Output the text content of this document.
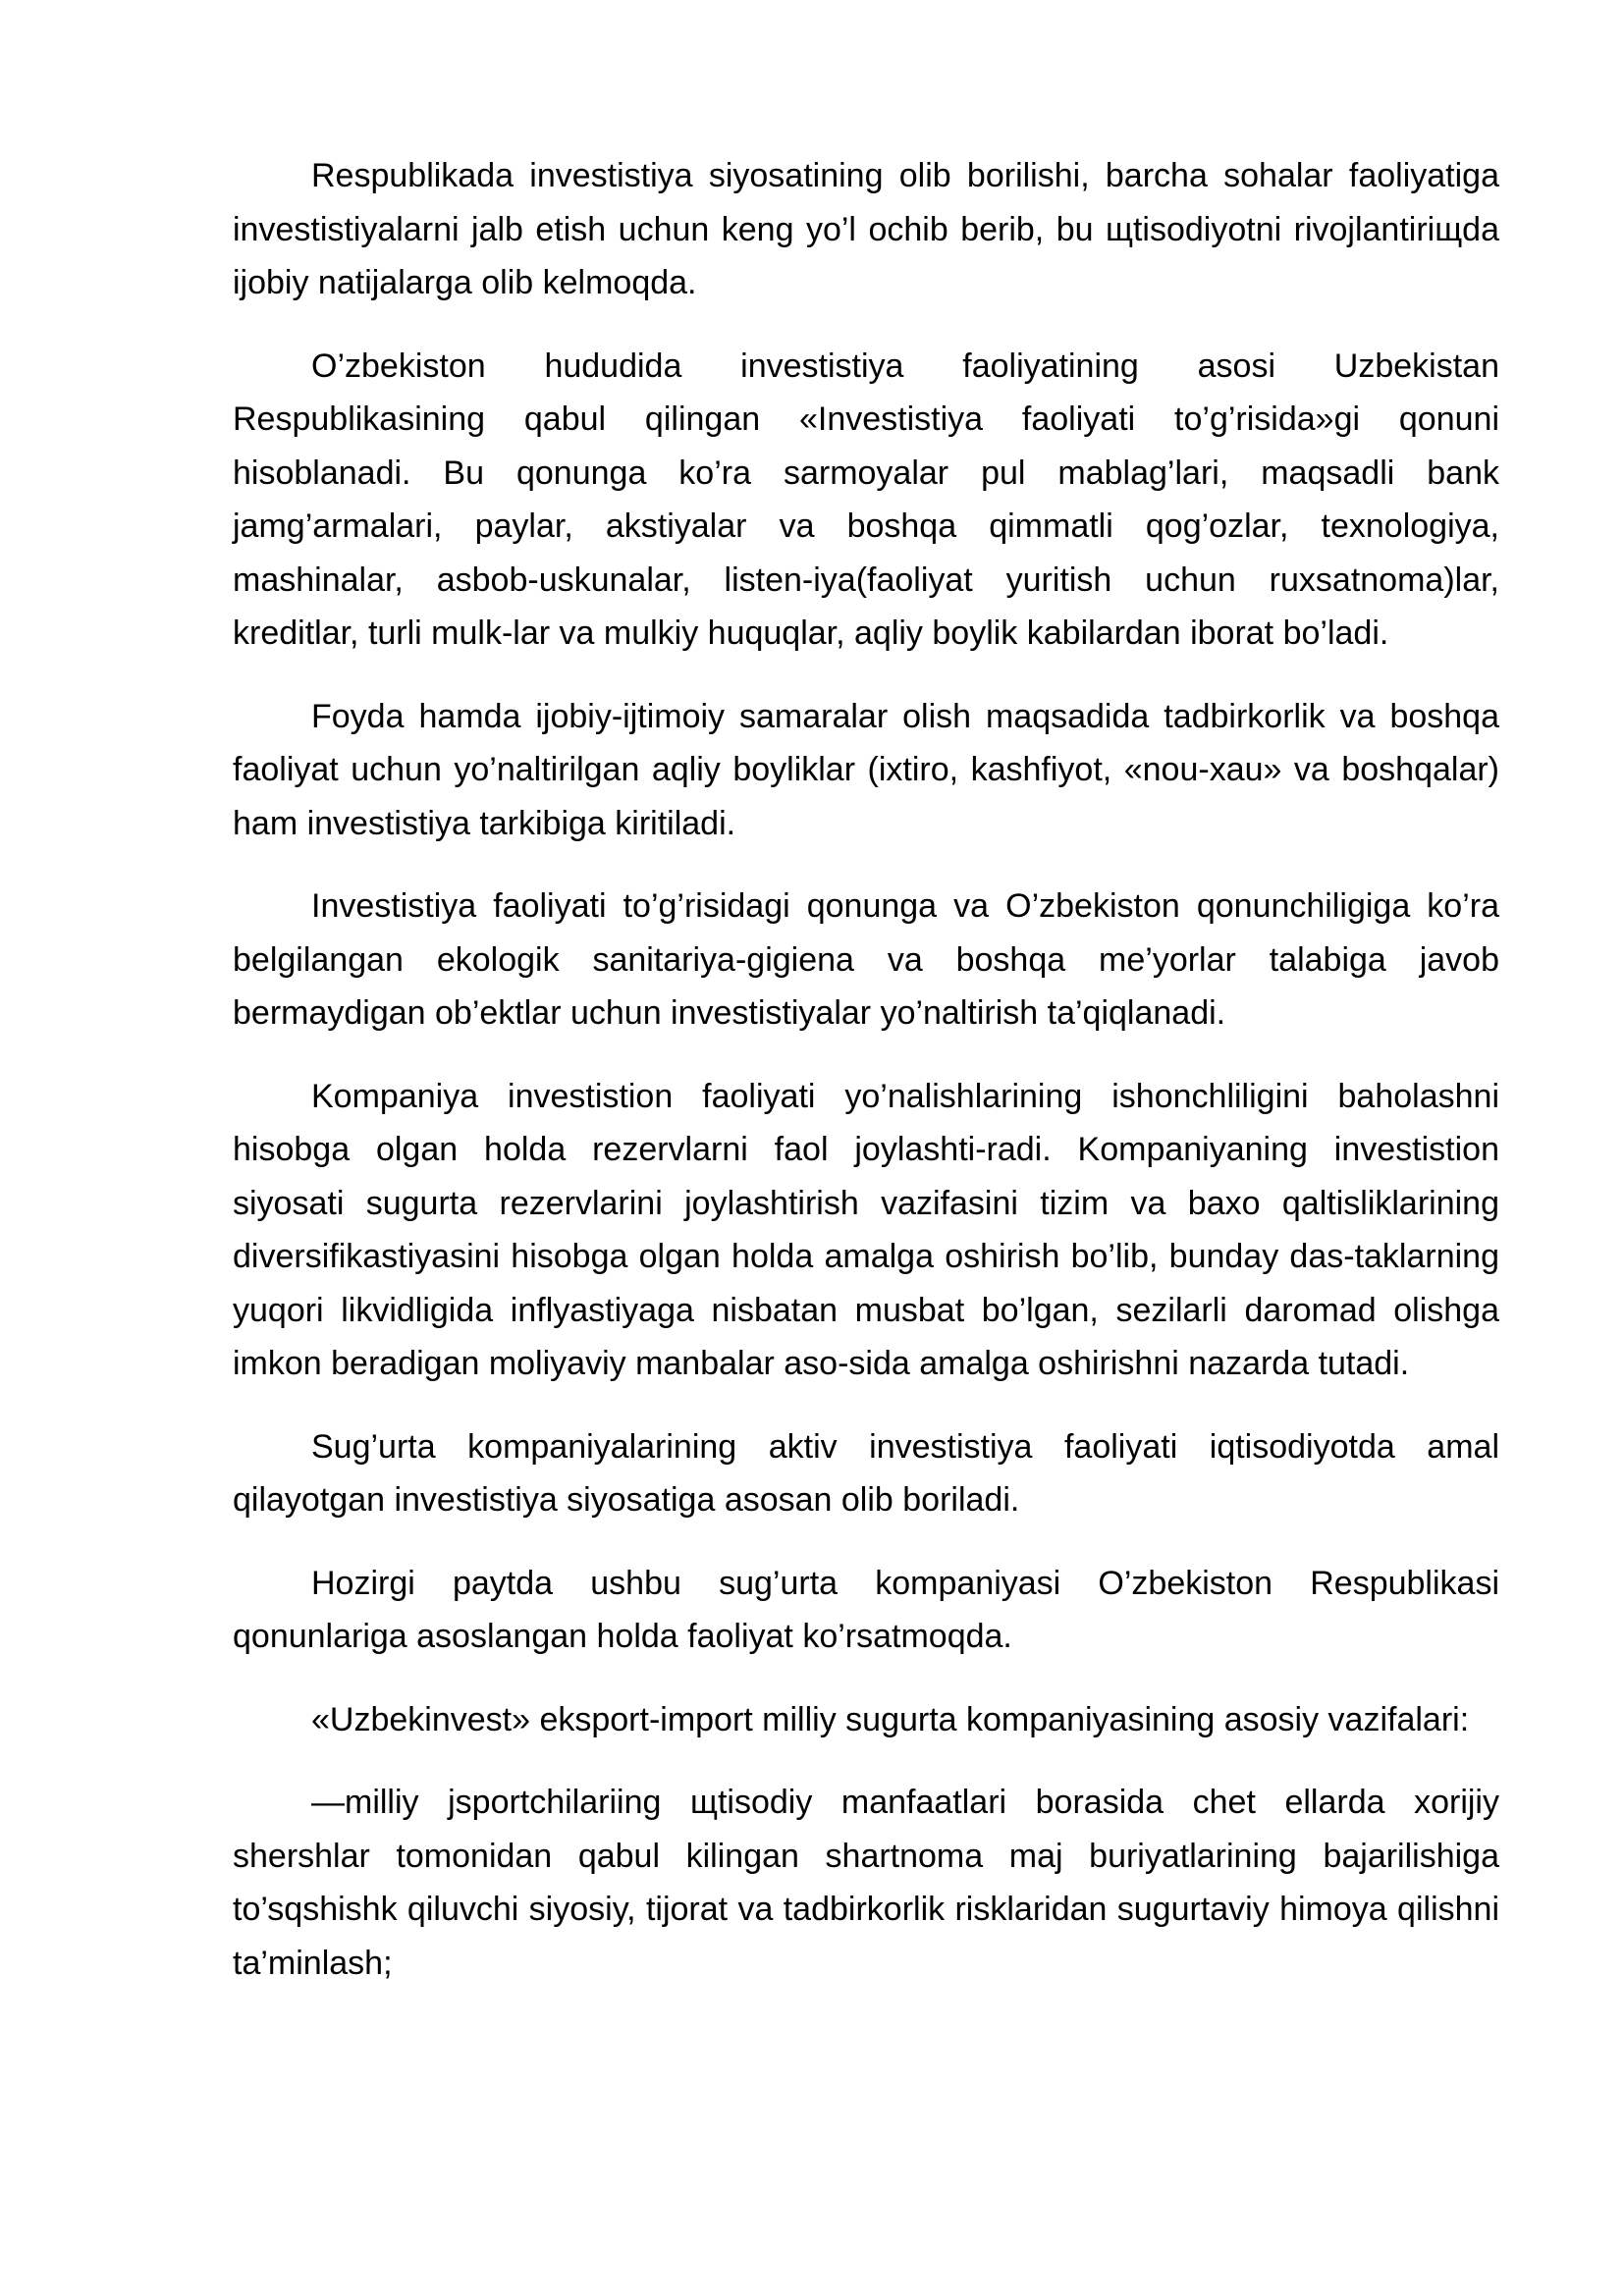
Respublikada investistiya siyosatining olib borilishi, barcha sohalar faoliyatiga investistiyalarni jalb etish uchun keng yo’l ochib berib, bu щtisodiyotni rivojlantiriщda ijobiy natijalarga olib kelmoqda.

O’zbekiston hududida investistiya faoliyatining asosi Uzbekistan Respublikasining qabul qilingan «Investistiya faoliyati to’g’risida»gi qonuni hisoblanadi. Bu qonunga ko’ra sarmoyalar pul mablag’lari, maqsadli bank jamg’armalari, paylar, akstiyalar va boshqa qimmatli qog’ozlar, texnologiya, mashinalar, asbob-uskunalar, listen-iya(faoliyat yuritish uchun ruxsatnoma)lar, kreditlar, turli mulk-lar va mulkiy huquqlar, aqliy boylik kabilardan iborat bo’ladi.

Foyda hamda ijobiy-ijtimoiy samaralar olish maqsadida tadbirkorlik va boshqa faoliyat uchun yo’naltirilgan aqliy boyliklar (ixtiro, kashfiyot, «nou-xau» va boshqalar) ham investistiya tarkibiga kiritiladi.

Investistiya faoliyati to’g’risidagi qonunga va O’zbekiston qonunchiligiga ko’ra belgilangan ekologik sanitariya-gigiena va boshqa me’yorlar talabiga javob bermaydigan ob’ektlar uchun investistiyalar yo’naltirish ta’qiqlanadi.

Kompaniya investistion faoliyati yo’nalishlarining ishonchliligini baholashni hisobga olgan holda rezervlarni faol joylashti-radi. Kompaniyaning investistion siyosati sugurta rezervlarini joylashtirish vazifasini tizim va baxo qaltisliklarining diversifikastiyasini hisobga olgan holda amalga oshirish bo’lib, bunday das-taklarning yuqori likvidligida inflyastiyaga nisbatan musbat bo’lgan, sezilarli daromad olishga imkon beradigan moliyaviy manbalar aso-sida amalga oshirishni nazarda tutadi.

Sug’urta kompaniyalarining aktiv investistiya faoliyati iqtisodiyotda amal qilayotgan investistiya siyosatiga asosan olib boriladi.

Hozirgi paytda ushbu sug’urta kompaniyasi O’zbekiston Respublikasi qonunlariga asoslangan holda faoliyat ko’rsatmoqda.

«Uzbekinvest» eksport-import milliy sugurta kompaniyasining asosiy vazifalari:

—milliy jsportchilariing щtisodiy manfaatlari borasida chet ellarda xorijiy shershlar tomonidan qabul kilingan shartnoma maj buriyatlarining bajarilishiga to’sqshishk qiluvchi siyosiy, tijorat va tadbirkorlik risklaridan sugurtaviy himoya qilishni ta’minlash;
